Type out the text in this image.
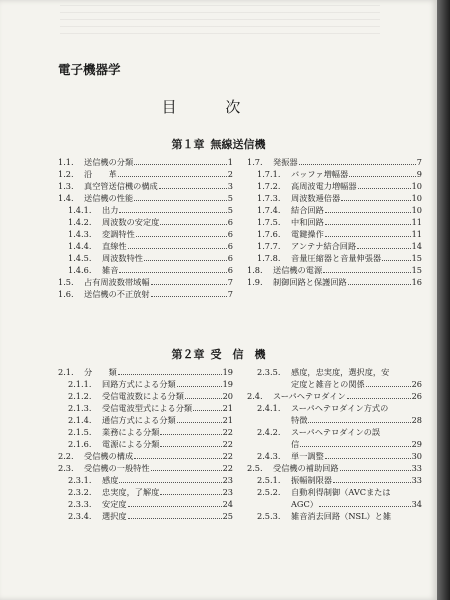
電子機器学
目 次
第１章 無線送信機
1.1.	送信機の分類	1
1.2.	沿　　革	2
1.3.	真空管送信機の構成	3
1.4.	送信機の性能	5
1.4.1.	出力	5
1.4.2.	周波数の安定度	6
1.4.3.	変調特性	6
1.4.4.	直線性	6
1.4.5.	周波数特性	6
1.4.6.	雑音	6
1.5.	占有周波数帯域幅	7
1.6.	送信機の不正放射	7
1.7.	発振器	7
1.7.1.	バッファ増幅器	9
1.7.2.	高周波電力増幅器	10
1.7.3.	周波数逓倍器	10
1.7.4.	結合回路	10
1.7.5.	中和回路	11
1.7.6.	電鍵操作	11
1.7.7.	アンテナ結合回路	14
1.7.8.	音量圧縮器と音量伸張器	15
1.8.	送信機の電源	15
1.9.	制御回路と保護回路	16
第２章 受　信　機
2.1.	分　　類	19
2.1.1.	回路方式による分類	19
2.1.2.	受信電波数による分類	20
2.1.3.	受信電波型式による分類	21
2.1.4.	通信方式による分類	21
2.1.5.	業務による分類	22
2.1.6.	電源による分類	22
2.2.	受信機の構成	22
2.3.	受信機の一般特性	22
2.3.1.	感度	23
2.3.2.	忠実度，了解度	23
2.3.3.	安定度	24
2.3.4.	選択度	25
2.3.5.	感度，忠実度，選択度，安
定度と雑音との関係	26
2.4.	スーパヘテロダイン	26
2.4.1.	スーパヘテロダイン方式の
特徴	28
2.4.2.	スーパヘテロダインの誤
信	29
2.4.3.	単一調整	30
2.5.	受信機の補助回路	33
2.5.1.	振幅制限器	33
2.5.2.	自動利得制御（AVCまたは
AGC）	34
2.5.3.	雑音消去回路（NSL）と雑
